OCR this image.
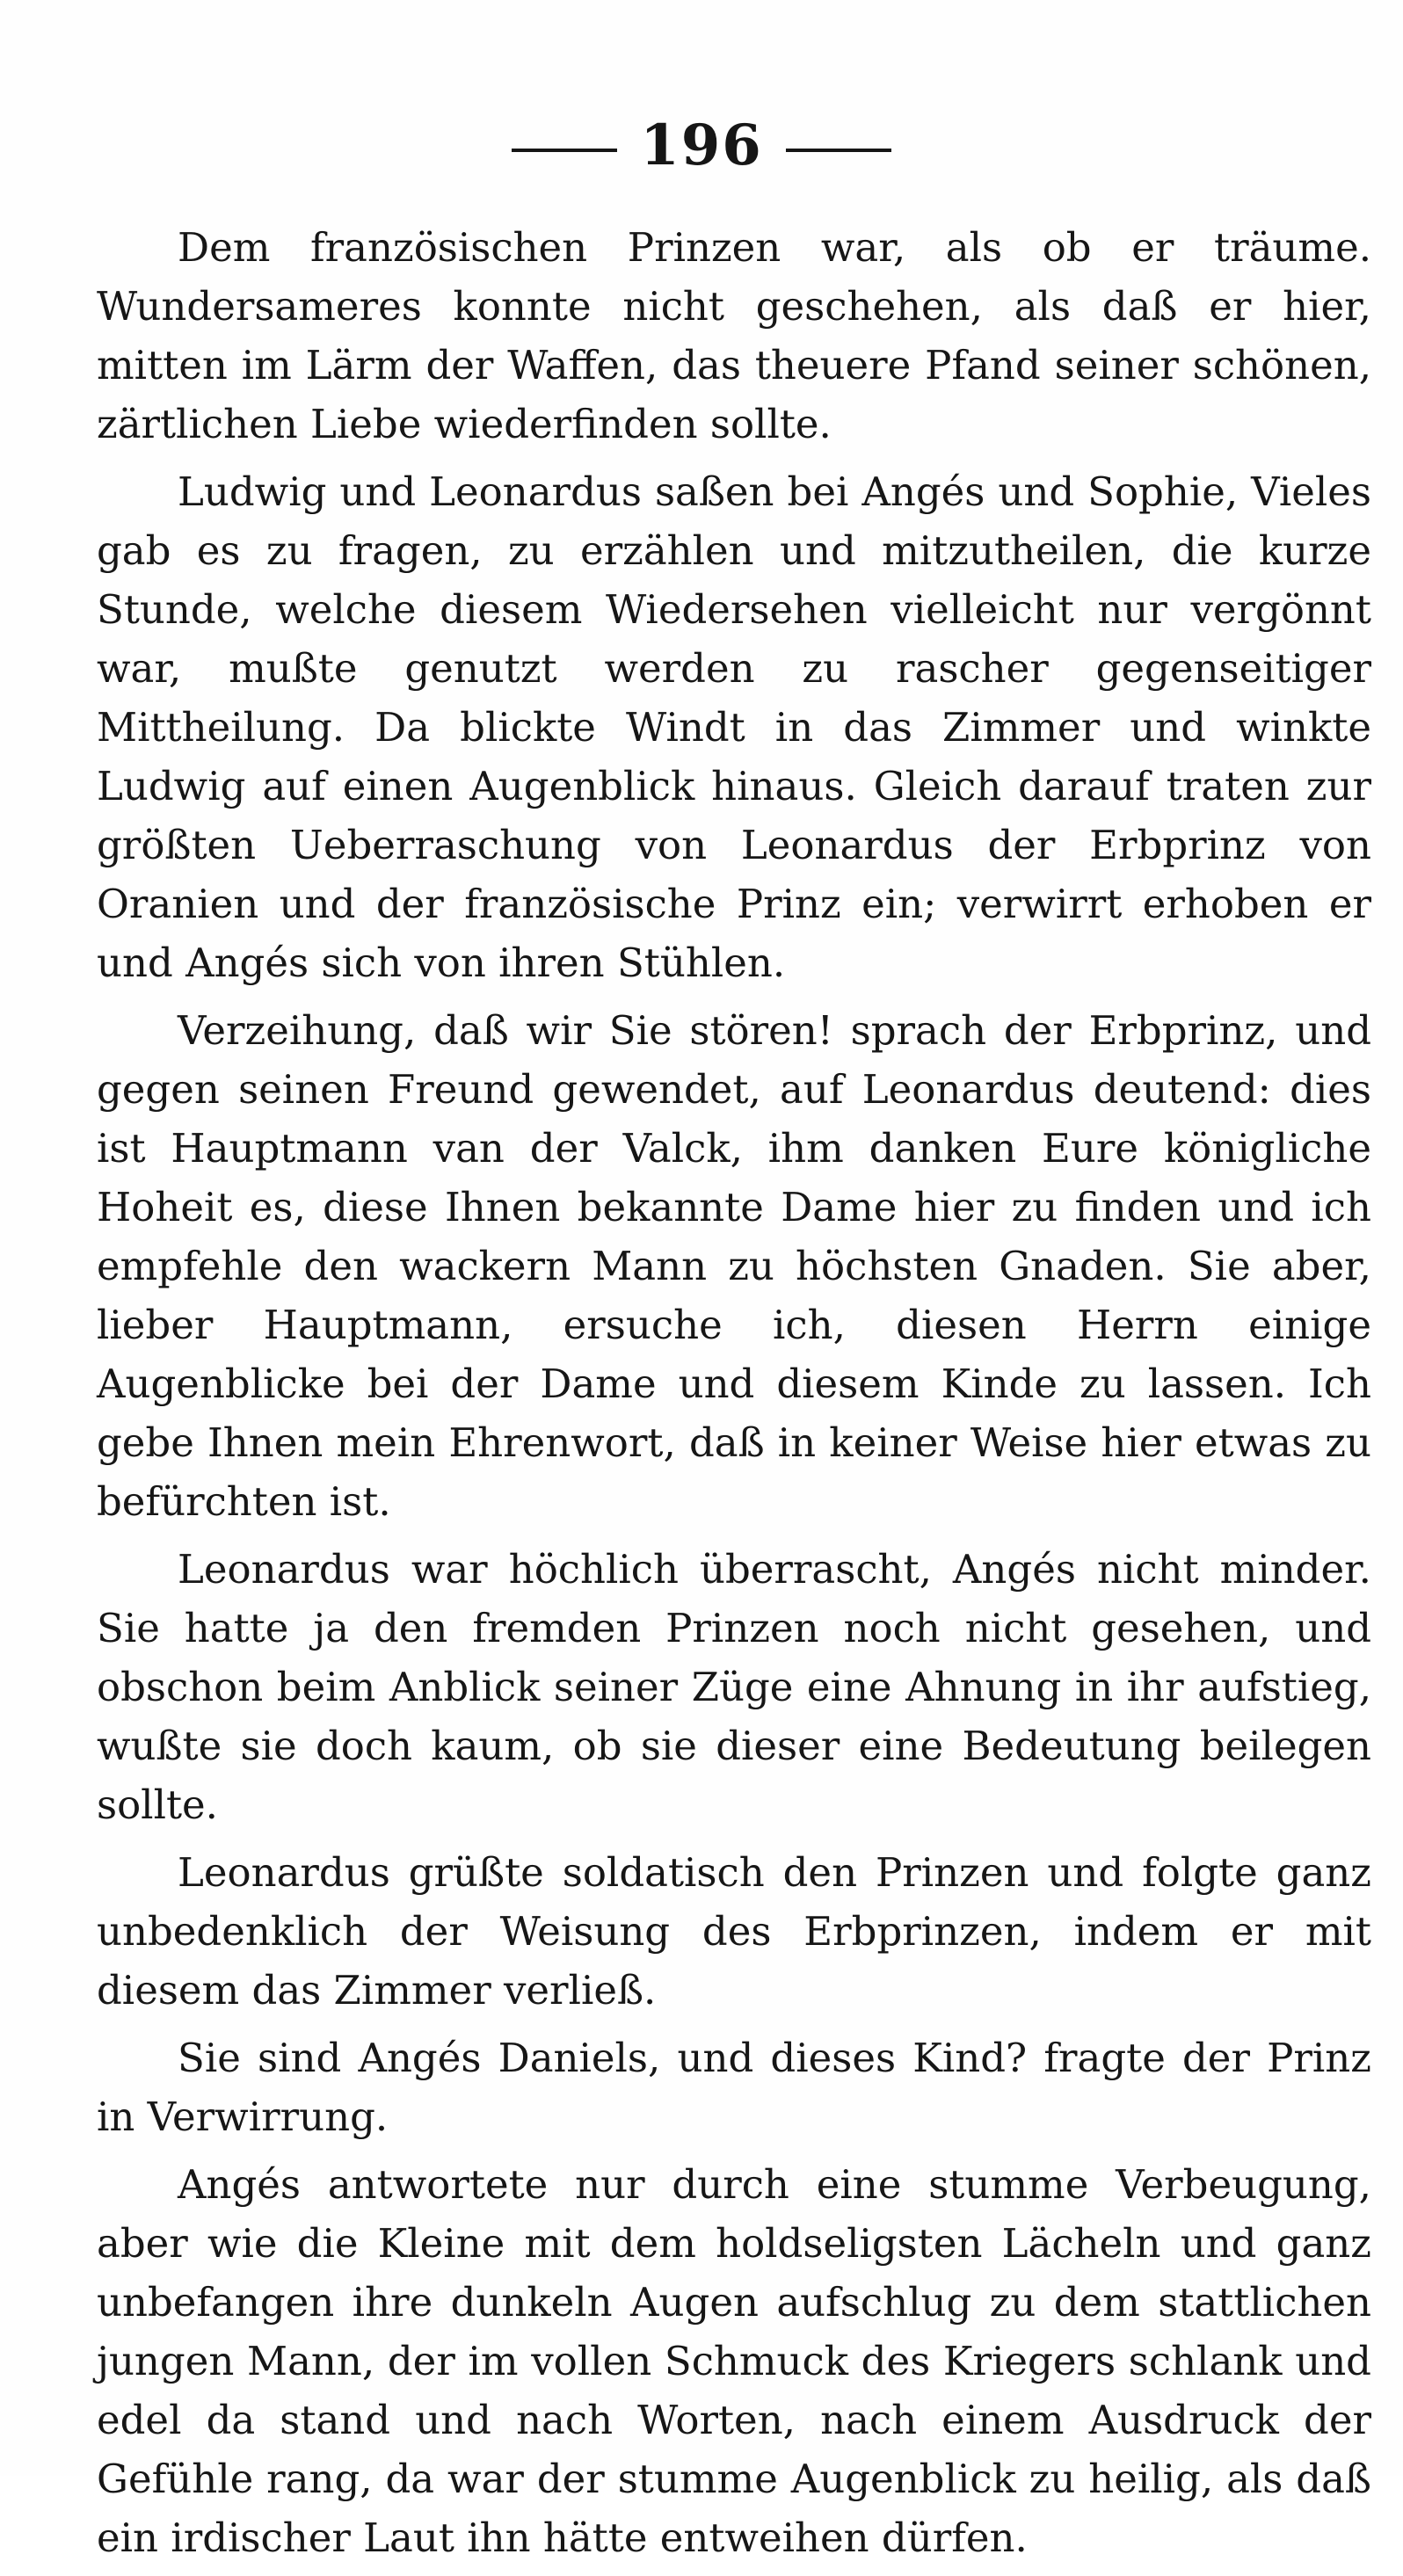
196

Dem französischen Prinzen war, als ob er träume. Wundersameres konnte nicht geschehen, als daß er hier, mitten im Lärm der Waffen, das theuere Pfand seiner schönen, zärtlichen Liebe wiederfinden sollte.

Ludwig und Leonardus saßen bei Angés und Sophie, Vieles gab es zu fragen, zu erzählen und mitzutheilen, die kurze Stunde, welche diesem Wiedersehen vielleicht nur vergönnt war, mußte genutzt werden zu rascher gegenseitiger Mittheilung. Da blickte Windt in das Zimmer und winkte Ludwig auf einen Augenblick hinaus. Gleich darauf traten zur größten Ueberraschung von Leonardus der Erbprinz von Oranien und der französische Prinz ein; verwirrt erhoben er und Angés sich von ihren Stühlen.

Verzeihung, daß wir Sie stören! sprach der Erbprinz, und gegen seinen Freund gewendet, auf Leonardus deutend: dies ist Hauptmann van der Valck, ihm danken Eure königliche Hoheit es, diese Ihnen bekannte Dame hier zu finden und ich empfehle den wackern Mann zu höchsten Gnaden. Sie aber, lieber Hauptmann, ersuche ich, diesen Herrn einige Augenblicke bei der Dame und diesem Kinde zu lassen. Ich gebe Ihnen mein Ehrenwort, daß in keiner Weise hier etwas zu befürchten ist.

Leonardus war höchlich überrascht, Angés nicht minder. Sie hatte ja den fremden Prinzen noch nicht gesehen, und obschon beim Anblick seiner Züge eine Ahnung in ihr aufstieg, wußte sie doch kaum, ob sie dieser eine Bedeutung beilegen sollte.

Leonardus grüßte soldatisch den Prinzen und folgte ganz unbedenklich der Weisung des Erbprinzen, indem er mit diesem das Zimmer verließ.

Sie sind Angés Daniels, und dieses Kind? fragte der Prinz in Verwirrung.

Angés antwortete nur durch eine stumme Verbeugung, aber wie die Kleine mit dem holdseligsten Lächeln und ganz unbefangen ihre dunkeln Augen aufschlug zu dem stattlichen jungen Mann, der im vollen Schmuck des Kriegers schlank und edel da stand und nach Worten, nach einem Ausdruck der Gefühle rang, da war der stumme Augenblick zu heilig, als daß ein irdischer Laut ihn hätte entweihen dürfen.
